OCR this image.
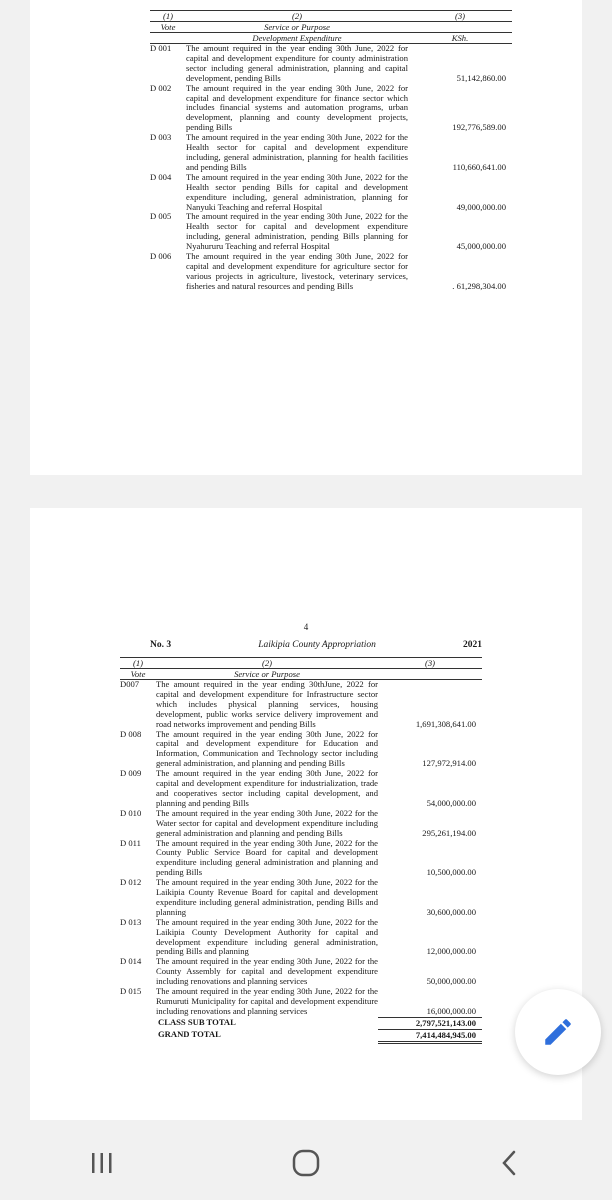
(1)	(2)	(3)
Vote	Service or Purpose
Development Expenditure	KSh.
D 001	The amount required in the year ending 30th June, 2022 for capital and development expenditure for county administration sector including general administration, planning and capital development, pending Bills	51,142,860.00
D 002	The amount required in the year ending 30th June, 2022 for capital and development expenditure for finance sector which includes financial systems and automation programs, urban development, planning and county development projects, pending Bills	192,776,589.00
D 003	The amount required in the year ending 30th June, 2022 for the Health sector for capital and development expenditure including, general administration, planning for health facilities and pending Bills	110,660,641.00
D 004	The amount required in the year ending 30th June, 2022 for the Health sector pending Bills for capital and development expenditure including, general administration, planning for Nanyuki Teaching and referral Hospital	49,000,000.00
D 005	The amount required in the year ending 30th June, 2022 for the Health sector for capital and development expenditure including, general administration, pending Bills planning for Nyahururu Teaching and referral Hospital	45,000,000.00
D 006	The amount required in the year ending 30th June, 2022 for capital and development expenditure for agriculture sector for various projects in agriculture, livestock, veterinary services, fisheries and natural resources and pending Bills	. 61,298,304.00
4
No. 3	Laikipia County Appropriation	2021
(1)	(2)	(3)
Vote	Service or Purpose
D007	The amount required in the year ending 30thJune, 2022 for capital and development expenditure for Infrastructure sector which includes physical planning services, housing development, public works service delivery improvement and road networks improvement and pending Bills	1,691,308,641.00
D 008	The amount required in the year ending 30th June, 2022 for capital and development expenditure for Education and Information, Communication and Technology sector including general administration, and planning and pending Bills	127,972,914.00
D 009	The amount required in the year ending 30th June, 2022 for capital and development expenditure for industrialization, trade and cooperatives sector including capital development, and planning and pending Bills	54,000,000.00
D 010	The amount required in the year ending 30th June, 2022 for the Water sector for capital and development expenditure including general administration and planning and pending Bills	295,261,194.00
D 011	The amount required in the year ending 30th June, 2022 for the County Public Service Board for capital and development expenditure including general administration and planning and pending Bills	10,500,000.00
D 012	The amount required in the year ending 30th June, 2022 for the Laikipia County Revenue Board for capital and development expenditure including general administration, pending Bills and planning	30,600,000.00
D 013	The amount required in the year ending 30th June, 2022 for the Laikipia County Development Authority for capital and development expenditure including general administration, pending Bills and planning	12,000,000.00
D 014	The amount required in the year ending 30th June, 2022 for the County Assembly for capital and development expenditure including renovations and planning services	50,000,000.00
D 015	The amount required in the year ending 30th June, 2022 for the Rumuruti Municipality for capital and development expenditure including renovations and planning services	16,000,000.00
CLASS SUB TOTAL	2,797,521,143.00
GRAND TOTAL	7,414,484,945.00
